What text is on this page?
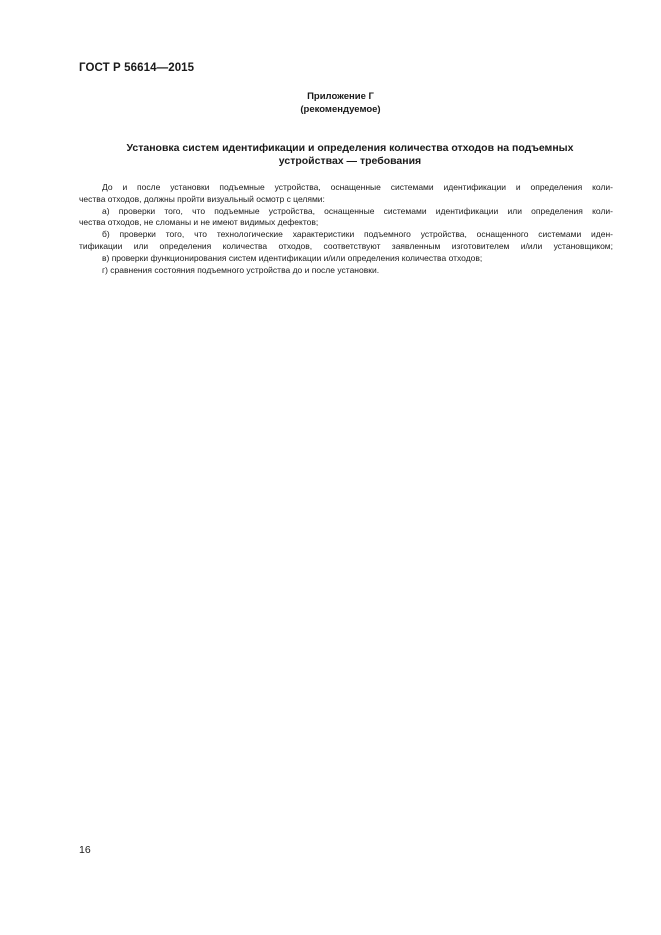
ГОСТ Р 56614—2015
Приложение Г
(рекомендуемое)
Установка систем идентификации и определения количества отходов на подъемных
устройствах — требования
До и после установки подъемные устройства, оснащенные системами идентификации и определения коли-
чества отходов, должны пройти визуальный осмотр с целями:
а) проверки того, что подъемные устройства, оснащенные системами идентификации или определения коли-
чества отходов, не сломаны и не имеют видимых дефектов;
б) проверки того, что технологические характеристики подъемного устройства, оснащенного системами иден-
тификации или определения количества отходов, соответствуют заявленным изготовителем и/или установщиком;
в) проверки функционирования систем идентификации и/или определения количества отходов;
г) сравнения состояния подъемного устройства до и после установки.
16
